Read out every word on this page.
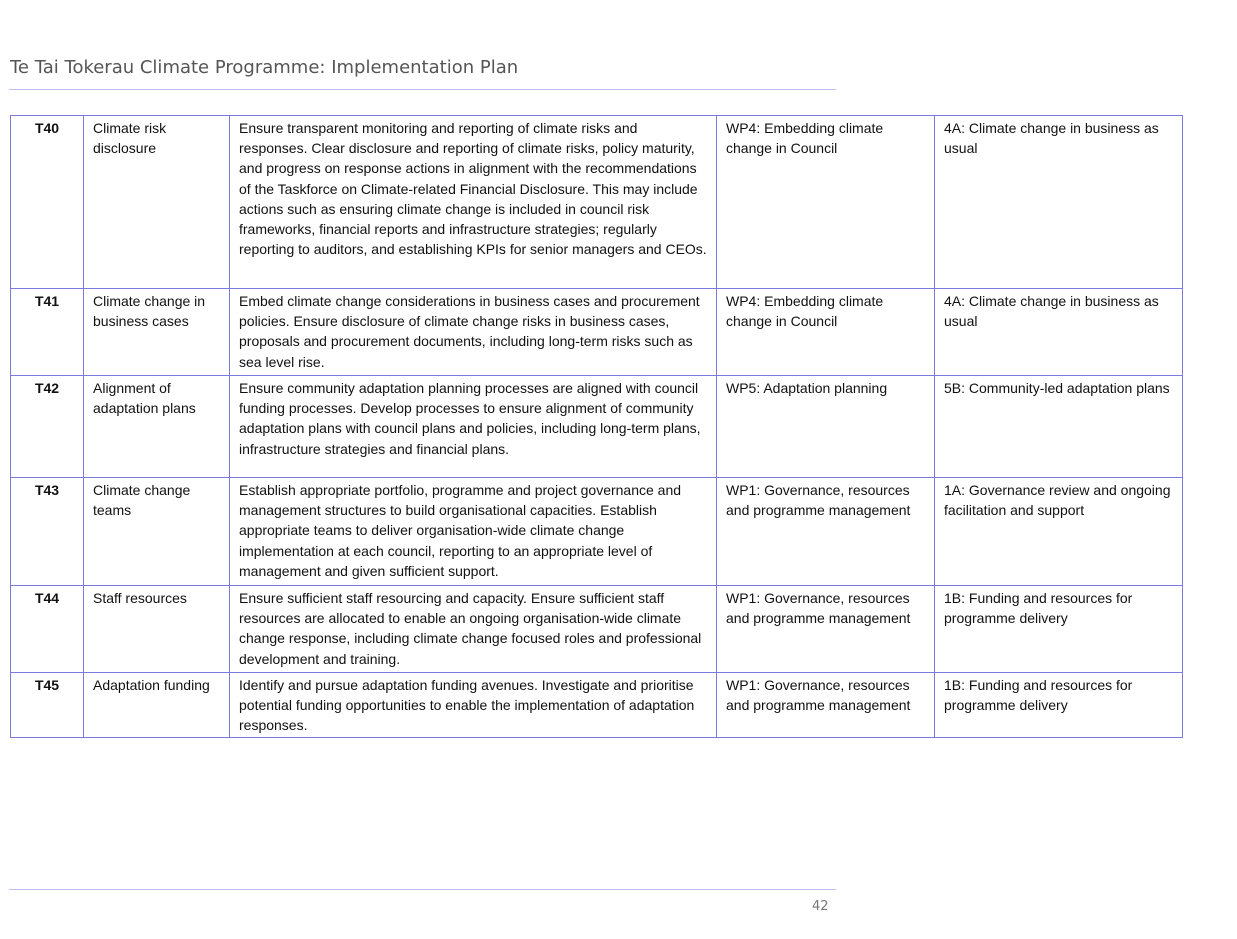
Te Tai Tokerau Climate Programme: Implementation Plan
T40	Climate risk disclosure	Ensure transparent monitoring and reporting of climate risks and responses. Clear disclosure and reporting of climate risks, policy maturity, and progress on response actions in alignment with the recommendations of the Taskforce on Climate-related Financial Disclosure. This may include actions such as ensuring climate change is included in council risk frameworks, financial reports and infrastructure strategies; regularly reporting to auditors, and establishing KPIs for senior managers and CEOs.	WP4: Embedding climate change in Council	4A: Climate change in business as usual
T41	Climate change in business cases	Embed climate change considerations in business cases and procurement policies. Ensure disclosure of climate change risks in business cases, proposals and procurement documents, including long-term risks such as sea level rise.	WP4: Embedding climate change in Council	4A: Climate change in business as usual
T42	Alignment of adaptation plans	Ensure community adaptation planning processes are aligned with council funding processes. Develop processes to ensure alignment of community adaptation plans with council plans and policies, including long-term plans, infrastructure strategies and financial plans.	WP5: Adaptation planning	5B: Community-led adaptation plans
T43	Climate change teams	Establish appropriate portfolio, programme and project governance and management structures to build organisational capacities. Establish appropriate teams to deliver organisation-wide climate change implementation at each council, reporting to an appropriate level of management and given sufficient support.	WP1: Governance, resources and programme management	1A: Governance review and ongoing facilitation and support
T44	Staff resources	Ensure sufficient staff resourcing and capacity. Ensure sufficient staff resources are allocated to enable an ongoing organisation-wide climate change response, including climate change focused roles and professional development and training.	WP1: Governance, resources and programme management	1B: Funding and resources for programme delivery
T45	Adaptation funding	Identify and pursue adaptation funding avenues. Investigate and prioritise potential funding opportunities to enable the implementation of adaptation responses.	WP1: Governance, resources and programme management	1B: Funding and resources for programme delivery
42
